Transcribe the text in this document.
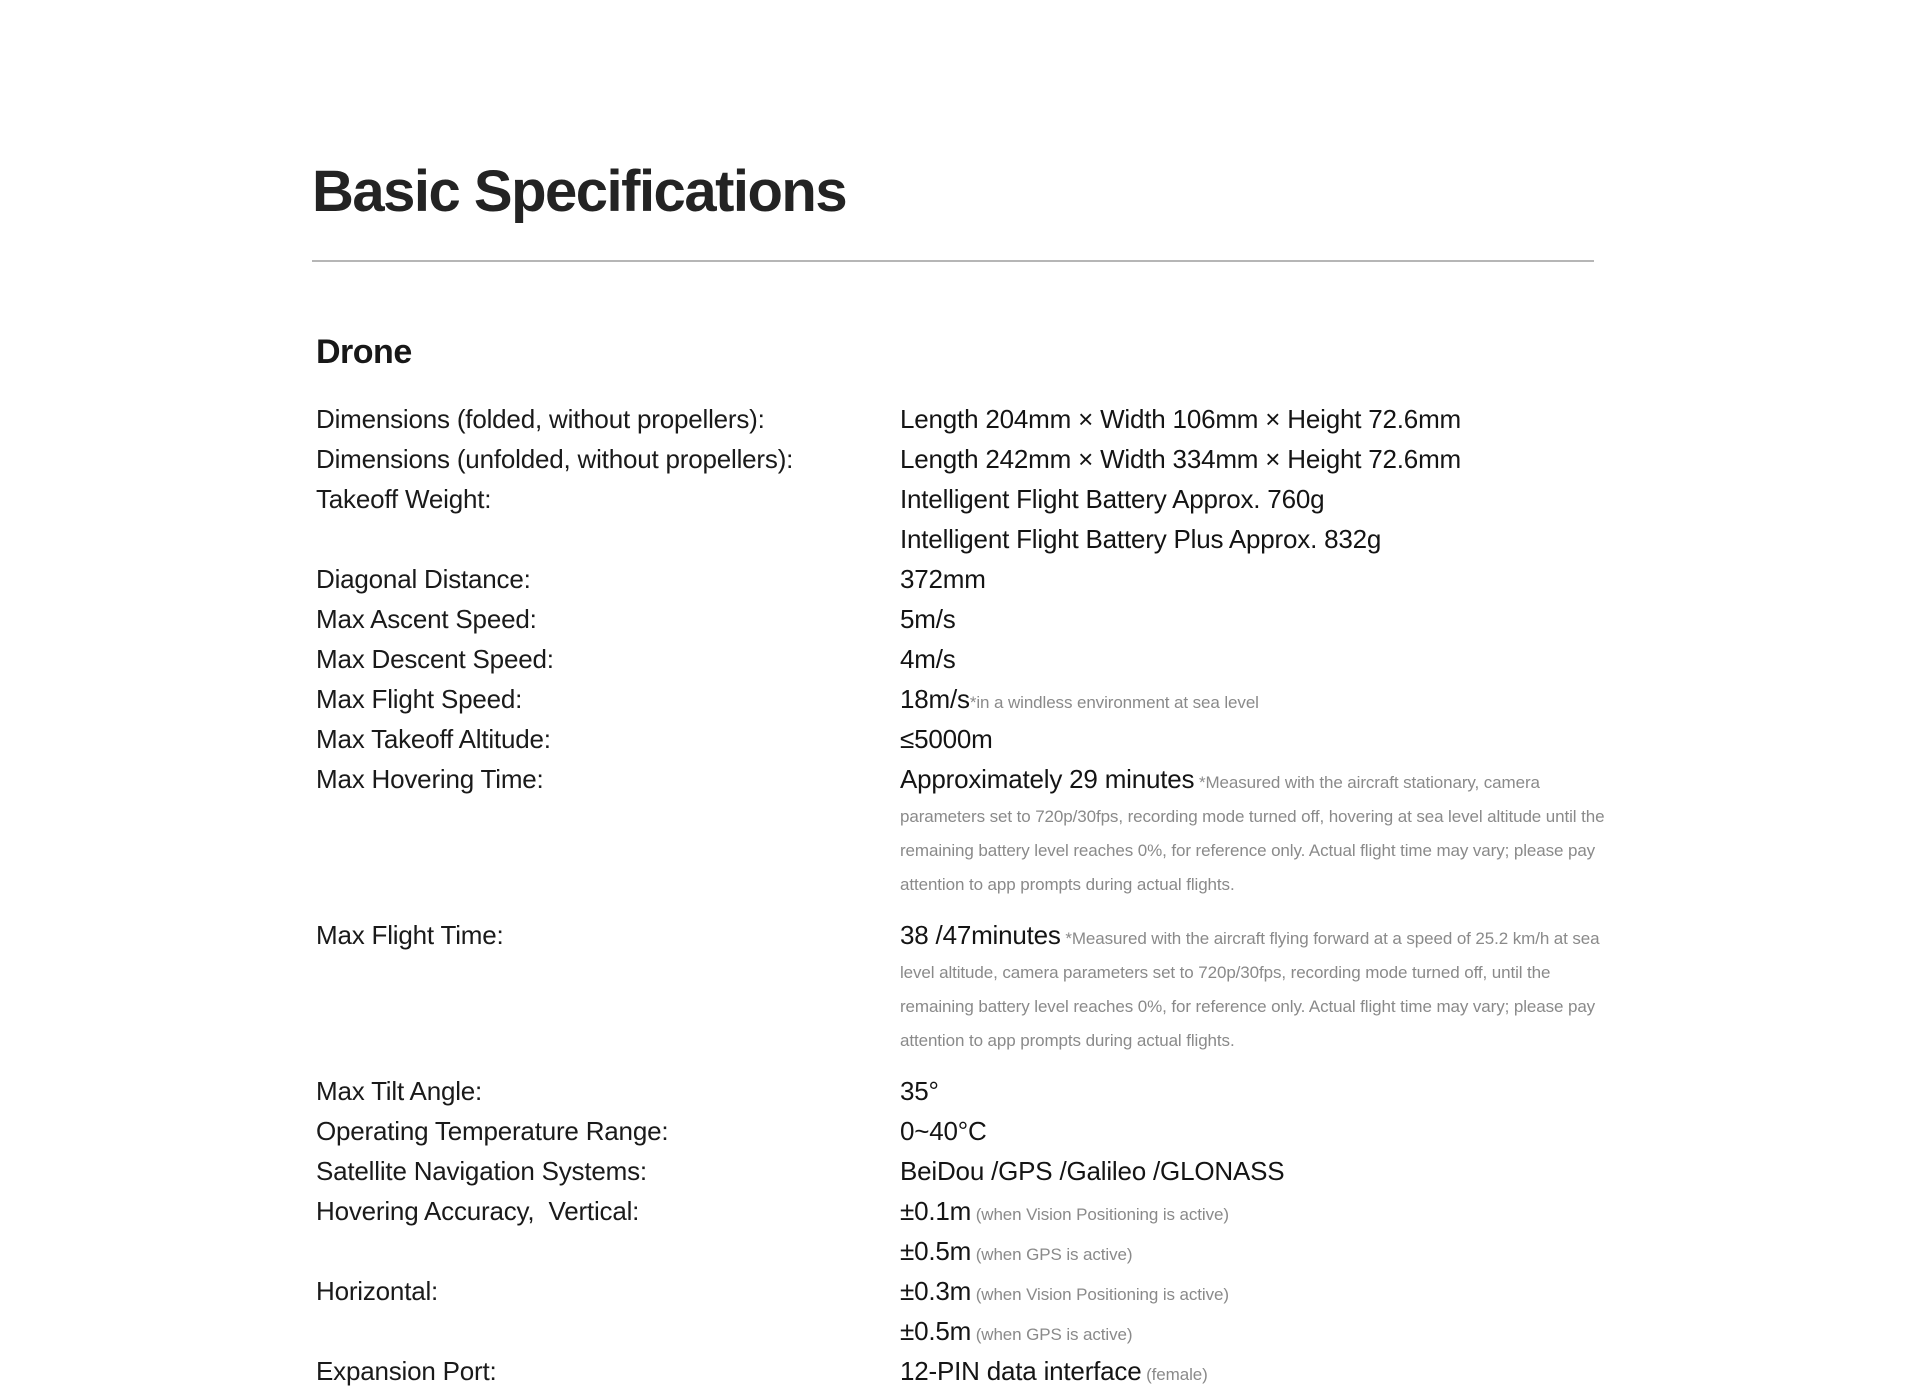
Basic Specifications
Drone
Dimensions (folded, without propellers):	Length 204mm × Width 106mm × Height 72.6mm
Dimensions (unfolded, without propellers):	Length 242mm × Width 334mm × Height 72.6mm
Takeoff Weight:	Intelligent Flight Battery Approx. 760g
Intelligent Flight Battery Plus Approx. 832g
Diagonal Distance:	372mm
Max Ascent Speed:	5m/s
Max Descent Speed:	4m/s
Max Flight Speed:	18m/s*in a windless environment at sea level
Max Takeoff Altitude:	≤5000m
Max Hovering Time:	Approximately 29 minutes *Measured with the aircraft stationary, camera parameters set to 720p/30fps, recording mode turned off, hovering at sea level altitude until the remaining battery level reaches 0%, for reference only. Actual flight time may vary; please pay attention to app prompts during actual flights.
Max Flight Time:	38 /47minutes *Measured with the aircraft flying forward at a speed of 25.2 km/h at sea level altitude, camera parameters set to 720p/30fps, recording mode turned off, until the remaining battery level reaches 0%, for reference only. Actual flight time may vary; please pay attention to app prompts during actual flights.
Max Tilt Angle:	35°
Operating Temperature Range:	0~40°C
Satellite Navigation Systems:	BeiDou /GPS /Galileo /GLONASS
Hovering Accuracy,  Vertical:	±0.1m (when Vision Positioning is active)
±0.5m (when GPS is active)
Horizontal:	±0.3m (when Vision Positioning is active)
±0.5m (when GPS is active)
Expansion Port:	12-PIN data interface (female)
